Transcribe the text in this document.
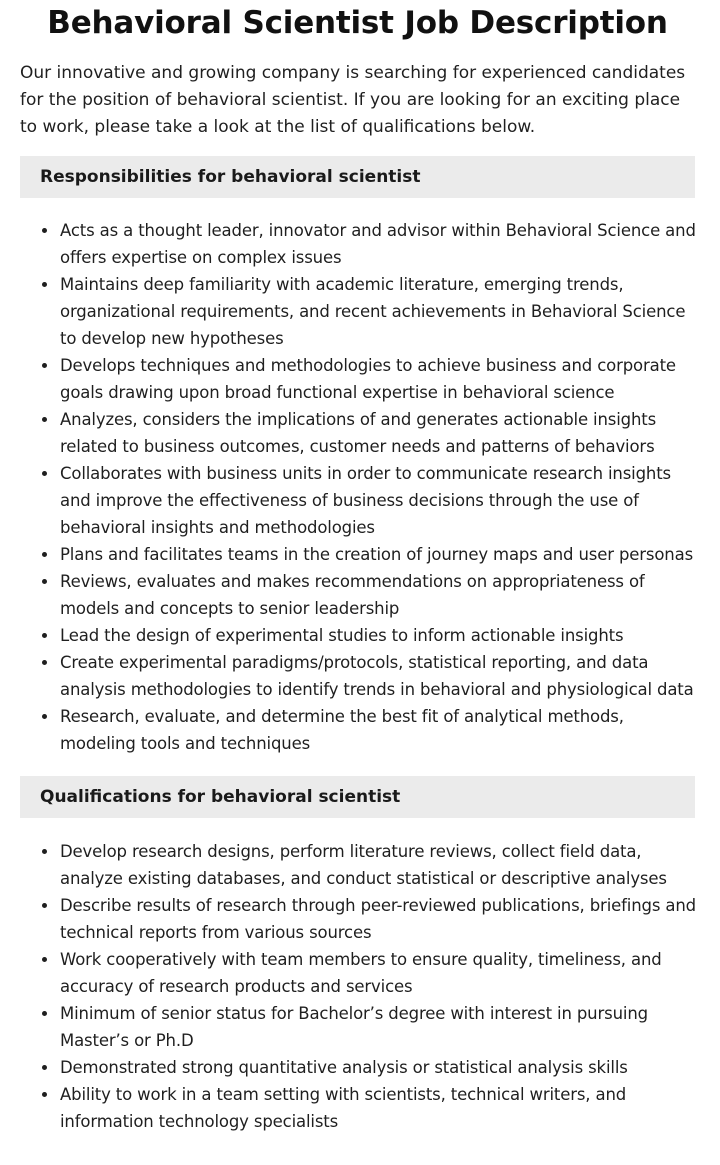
Behavioral Scientist Job Description

Our innovative and growing company is searching for experienced candidates for the position of behavioral scientist. If you are looking for an exciting place to work, please take a look at the list of qualifications below.

Responsibilities for behavioral scientist
Acts as a thought leader, innovator and advisor within Behavioral Science and offers expertise on complex issues
Maintains deep familiarity with academic literature, emerging trends, organizational requirements, and recent achievements in Behavioral Science to develop new hypotheses
Develops techniques and methodologies to achieve business and corporate goals drawing upon broad functional expertise in behavioral science
Analyzes, considers the implications of and generates actionable insights related to business outcomes, customer needs and patterns of behaviors
Collaborates with business units in order to communicate research insights and improve the effectiveness of business decisions through the use of behavioral insights and methodologies
Plans and facilitates teams in the creation of journey maps and user personas
Reviews, evaluates and makes recommendations on appropriateness of models and concepts to senior leadership
Lead the design of experimental studies to inform actionable insights
Create experimental paradigms/protocols, statistical reporting, and data analysis methodologies to identify trends in behavioral and physiological data
Research, evaluate, and determine the best fit of analytical methods, modeling tools and techniques
Qualifications for behavioral scientist
Develop research designs, perform literature reviews, collect field data, analyze existing databases, and conduct statistical or descriptive analyses
Describe results of research through peer-reviewed publications, briefings and technical reports from various sources
Work cooperatively with team members to ensure quality, timeliness, and accuracy of research products and services
Minimum of senior status for Bachelor’s degree with interest in pursuing Master’s or Ph.D
Demonstrated strong quantitative analysis or statistical analysis skills
Ability to work in a team setting with scientists, technical writers, and information technology specialists
